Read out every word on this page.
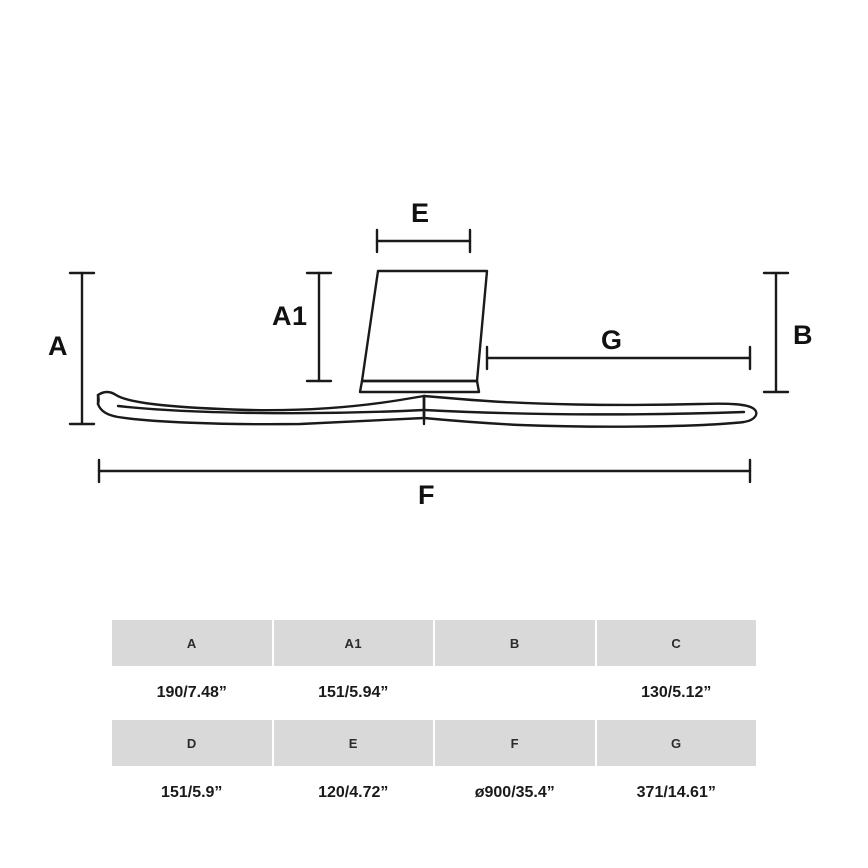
A
A1
B
E
F
G
A	A1	B	C
190/7.48”	151/5.94”		130/5.12”
D	E	F	G
151/5.9”	120/4.72”	ø900/35.4”	371/14.61”
